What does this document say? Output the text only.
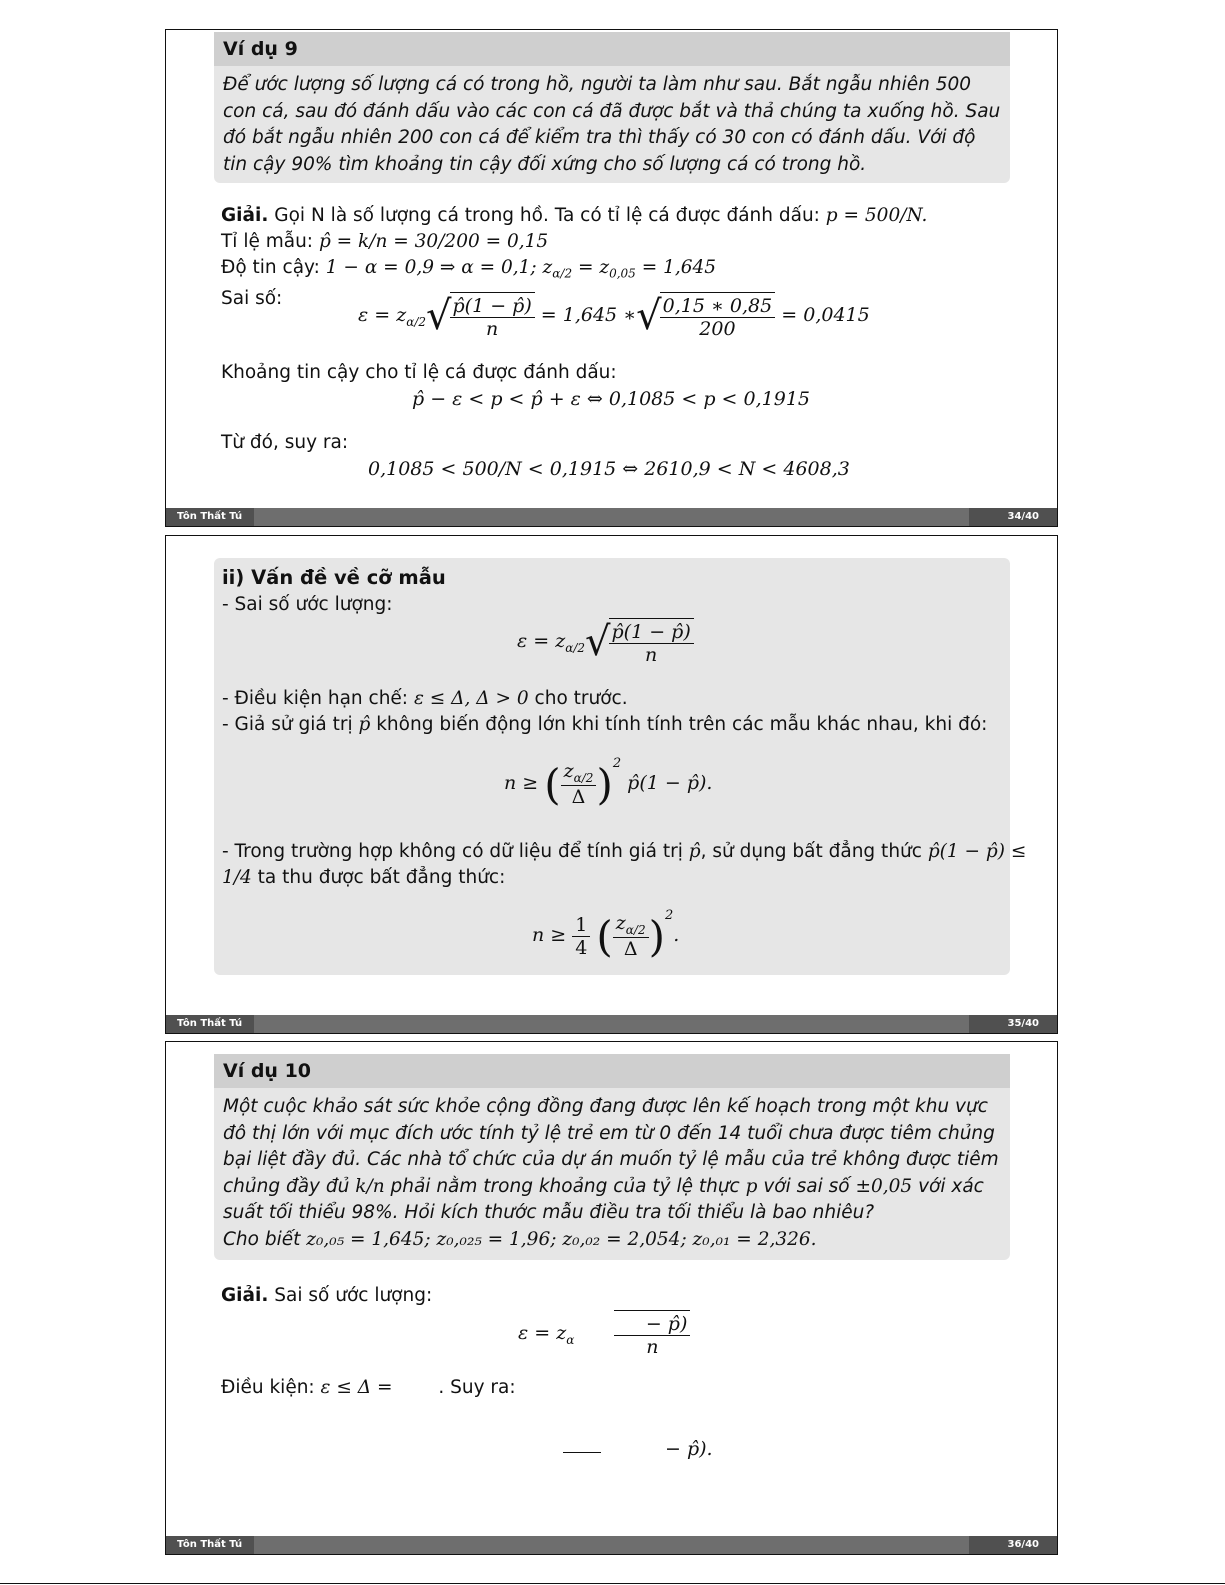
Ví dụ 9
Để ước lượng số lượng cá có trong hồ, người ta làm như sau. Bắt ngẫu nhiên 500 con cá, sau đó đánh dấu vào các con cá đã được bắt và thả chúng ta xuống hồ. Sau đó bắt ngẫu nhiên 200 con cá để kiểm tra thì thấy có 30 con có đánh dấu. Với độ tin cậy 90% tìm khoảng tin cậy đối xứng cho số lượng cá có trong hồ.
Giải. Gọi N là số lượng cá trong hồ. Ta có tỉ lệ cá được đánh dấu: p = 500/N.
Tỉ lệ mẫu: p̂ = k/n = 30/200 = 0,15
Độ tin cậy: 1 − α = 0,9 ⇒ α = 0,1; $z_{\alpha/2} = z_{0,05} = 1,645$
Sai số:
$\varepsilon = z_{\alpha/2}√$
$\frac{p̂(1 - p̂)}{n} = 1,645$ ∗√
$\frac{0,15 ∗ 0,85}{200} = 0,0415$
Khoảng tin cậy cho tỉ lệ cá được đánh dấu:
p̂ − ε < p < p̂ + ε ⇔ 0,1085 < p < 0,1915
Từ đó, suy ra:
0,1085 < 500/N < 0,1915 ⇔ 2610,9 < N < 4608,3
Tôn Thất Tú	34/40
ii) Vấn đề về cỡ mẫu
- Sai số ước lượng:
$\varepsilon = z_{\alpha/2}√$
$\frac{p̂(1 - p̂)}{n}$
- Điều kiện hạn chế: ε ≤ Δ, Δ > 0 cho trước.
- Giả sử giá trị p̂ không biến động lớn khi tính tính trên các mẫu khác nhau, khi đó:
n ≥ ( $\frac{z_{\alpha/2}}{\Delta} )^2$ p̂(1 − p̂).
- Trong trường hợp không có dữ liệu để tính giá trị p̂, sử dụng bất đẳng thức p̂(1 − p̂) ≤
1/4 ta thu được bất đẳng thức:
$n \ge \frac{1}{4}$ ( $\frac{z_{\alpha/2}}{\Delta} )^2$.
Tôn Thất Tú	35/40
Ví dụ 10
Một cuộc khảo sát sức khỏe cộng đồng đang được lên kế hoạch trong một khu vực đô thị lớn với mục đích ước tính tỷ lệ trẻ em từ 0 đến 14 tuổi chưa được tiêm chủng bại liệt đầy đủ. Các nhà tổ chức của dự án muốn tỷ lệ mẫu của trẻ không được tiêm chủng đầy đủ k/n phải nằm trong khoảng của tỷ lệ thực p với sai số ±0,05 với xác suất tối thiểu 98%. Hỏi kích thước mẫu điều tra tối thiểu là bao nhiêu?
Cho biết z₀,₀₅ = 1,645; z₀,₀₂₅ = 1,96; z₀,₀₂ = 2,054; z₀,₀₁ = 2,326.
Giải. Sai số ước lượng:
$\varepsilon = z_\alpha \frac{- p̂)}{n}$
Điều kiện: ε ≤ Δ = . Suy ra:
− p̂).
Tôn Thất Tú	36/40
